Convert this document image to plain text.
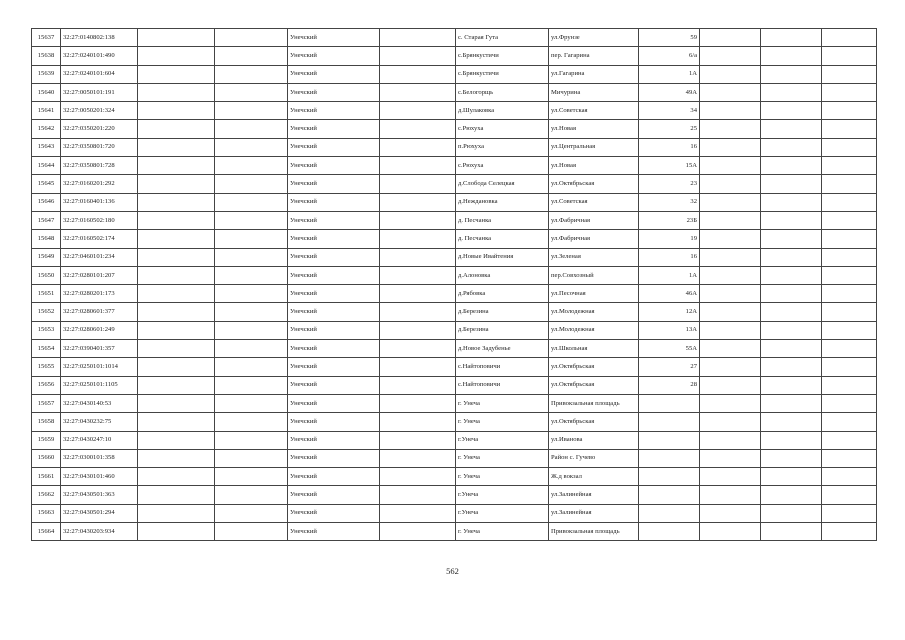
15637	32:27:0140802:138			Унечский		с. Старая Гута	ул.Фрунзе	59			
15638	32:27:0240101:490			Унечский		с.Брянкустичи	пер. Гагарина	6/а			
15639	32:27:0240101:604			Унечский		с.Брянкустичи	ул.Гагарина	1А			
15640	32:27:0050101:191			Унечский		с.Белогорщь	Мичурина	49А			
15641	32:27:0050201:324			Унечский		д.Шулаковка	ул.Советская	34			
15642	32:27:0350201:220			Унечский		с.Рюхуха	ул.Новая	25			
15643	32:27:0350801:720			Унечский		п.Рюхуха	ул.Центральная	16			
15644	32:27:0350801:728			Унечский		с.Рюхуха	ул.Новая	15А			
15645	32:27:0160201:292			Унечский		д.Слобода Селецкая	ул.Октябрьская	23			
15646	32:27:0160401:136			Унечский		д.Неждановка	ул.Советская	32			
15647	32:27:0160502:180			Унечский		д. Песчанка	ул.Фабричная	23Б			
15648	32:27:0160502:174			Унечский		д. Песчанка	ул.Фабричная	19			
15649	32:27:0460101:234			Унечский		д.Новые Ивайтения	ул.Зеленая	16			
15650	32:27:0280101:207			Унечский		д.Алоновка	пер.Совхозный	1А			
15651	32:27:0280201:173			Унечский		д.Рябовка	ул.Песочная	46А			
15652	32:27:0280601:377			Унечский		д.Березина	ул.Молодежная	12А			
15653	32:27:0280601:249			Унечский		д.Березина	ул.Молодежная	13А			
15654	32:27:0390401:357			Унечский		д.Новое Задубенье	ул.Школьная	55А			
15655	32:27:0250101:1014			Унечский		с.Найтоповичи	ул.Октябрьская	27			
15656	32:27:0250101:1105			Унечский		с.Найтоповичи	ул.Октябрьская	28			
15657	32:27:0430140:53			Унечский		г. Унеча	Привокзальная площадь				
15658	32:27:0430232:75			Унечский		г. Унеча	ул.Октябрьская				
15659	32:27:0430247:10			Унечский		г.Унеча	ул.Иванова				
15660	32:27:0300101:358			Унечский		г. Унеча	Район с. Гучево				
15661	32:27:0430101:460			Унечский		г. Унеча	Ж.д вокзал				
15662	32:27:0430501:363			Унечский		г.Унеча	ул.Залинейная				
15663	32:27:0430501:294			Унечский		г.Унеча	ул.Залинейная				
15664	32:27:0430203:934			Унечский		г. Унеча	Привокзальная площадь				
562
